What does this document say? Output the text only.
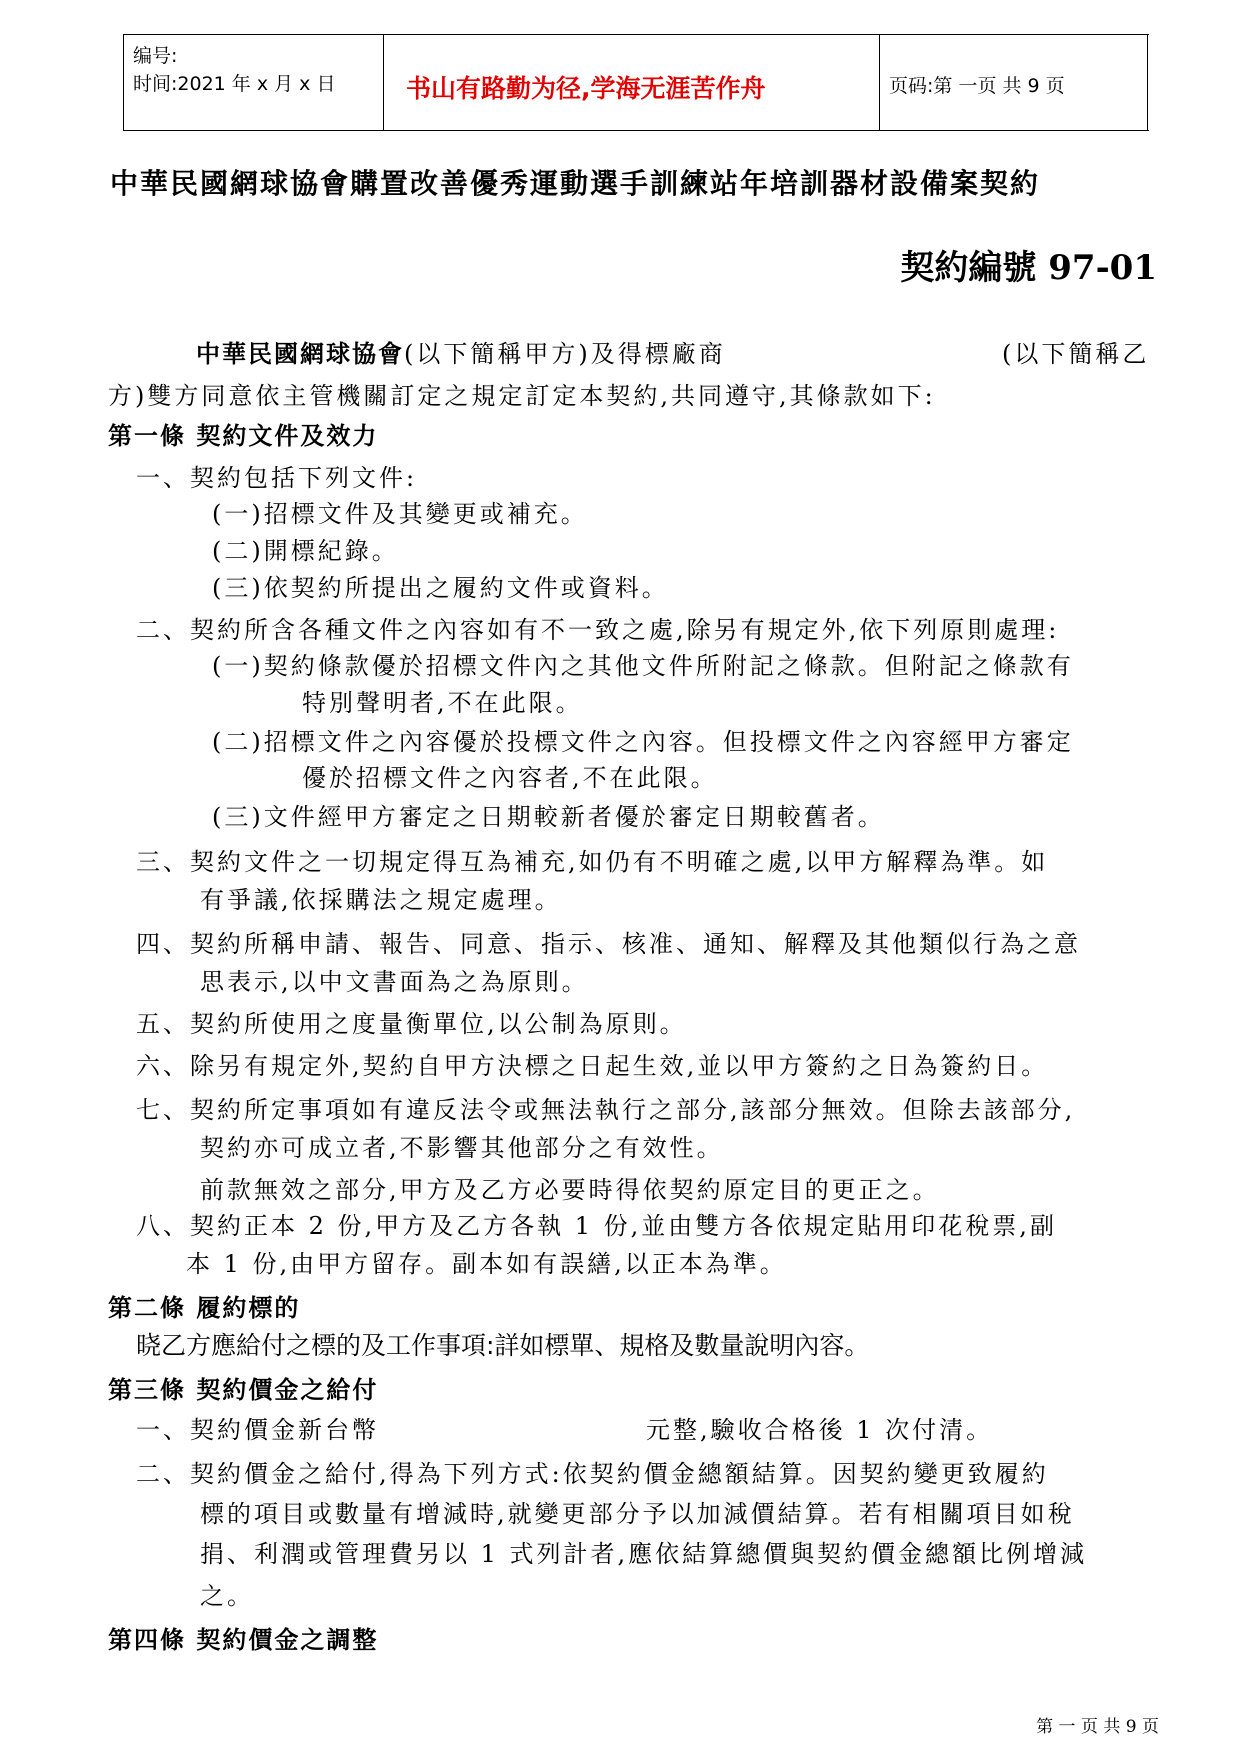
编号:
时间:2021 年 x 月 x 日	书山有路勤为径,学海无涯苦作舟	页码:第 一页 共 9 页
中華民國網球協會購置改善優秀運動選手訓練站年培訓器材設備案契約
契約編號 97-01
中華民國網球協會(以下簡稱甲方)及得標廠商	(以下簡稱乙
方)雙方同意依主管機關訂定之規定訂定本契約,共同遵守,其條款如下:
第一條 契約文件及效力
一、契約包括下列文件:
(一)招標文件及其變更或補充。
(二)開標紀錄。
(三)依契約所提出之履約文件或資料。
二、契約所含各種文件之內容如有不一致之處,除另有規定外,依下列原則處理:
(一)契約條款優於招標文件內之其他文件所附記之條款。但附記之條款有
特別聲明者,不在此限。
(二)招標文件之內容優於投標文件之內容。但投標文件之內容經甲方審定
優於招標文件之內容者,不在此限。
(三)文件經甲方審定之日期較新者優於審定日期較舊者。
三、契約文件之一切規定得互為補充,如仍有不明確之處,以甲方解釋為準。如
有爭議,依採購法之規定處理。
四、契約所稱申請、報告、同意、指示、核准、通知、解釋及其他類似行為之意
思表示,以中文書面為之為原則。
五、契約所使用之度量衡單位,以公制為原則。
六、除另有規定外,契約自甲方決標之日起生效,並以甲方簽約之日為簽約日。
七、契約所定事項如有違反法令或無法執行之部分,該部分無效。但除去該部分,
契約亦可成立者,不影響其他部分之有效性。
前款無效之部分,甲方及乙方必要時得依契約原定目的更正之。
八、契約正本 2 份,甲方及乙方各執 1 份,並由雙方各依規定貼用印花稅票,副
本 1 份,由甲方留存。副本如有誤繕,以正本為準。
第二條 履約標的
晓乙方應給付之標的及工作事項:詳如標單、規格及數量說明內容。
第三條 契約價金之給付
一、契約價金新台幣	元整,驗收合格後 1 次付清。
二、契約價金之給付,得為下列方式:依契約價金總額結算。因契約變更致履約
標的項目或數量有增減時,就變更部分予以加減價結算。若有相關項目如稅
捐、利潤或管理費另以 1 式列計者,應依結算總價與契約價金總額比例增減
之。
第四條 契約價金之調整
第 一 页 共 9 页
